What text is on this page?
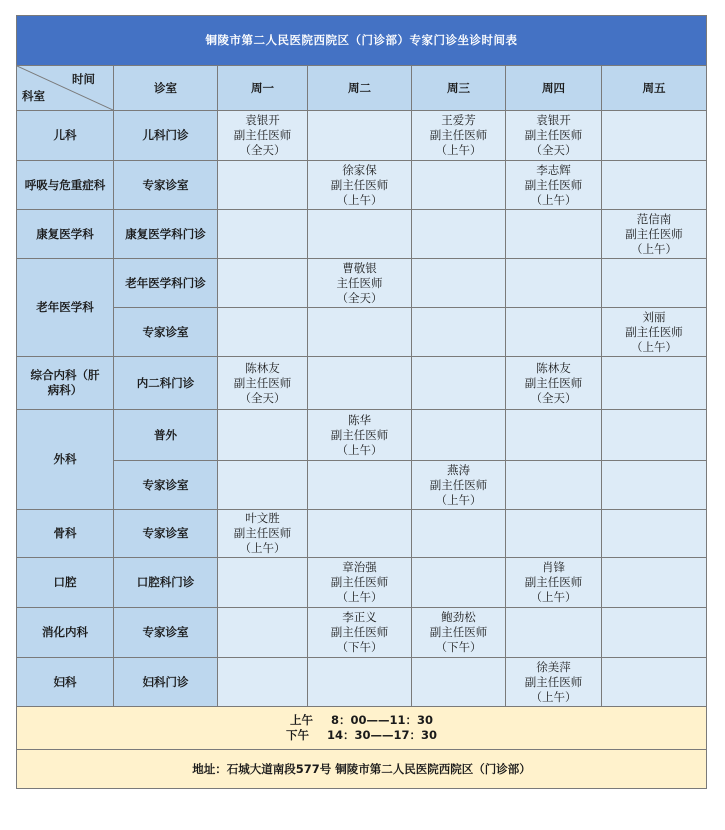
铜陵市第二人民医院西院区（门诊部）专家门诊坐诊时间表						

时间
科室	诊室	周一	周二	周三	周四	周五
儿科	儿科门诊	袁银开
副主任医师
（全天）		王爱芳
副主任医师
（上午）	袁银开
副主任医师
（全天）	

呼吸与危重症科	专家诊室		徐家保
副主任医师
（上午）		李志辉
副主任医师
（上午）	

康复医学科	康复医学科门诊					范信南
副主任医师
（上午）

老年医学科	老年医学科门诊		曹敬银
主任医师
（全天）			

	专家诊室					刘丽
副主任医师
（上午）

综合内科（肝病科）	内二科门诊	陈林友
副主任医师
（全天）			陈林友
副主任医师
（全天）	

外科	普外		陈华
副主任医师
（上午）			

	专家诊室			燕涛
副主任医师
（上午）		

骨科	专家诊室	叶文胜
副主任医师
（上午）				

口腔	口腔科门诊		章治强
副主任医师
（上午）		肖锋
副主任医师
（上午）	

消化内科	专家诊室		李正义
副主任医师
（下午）	鲍劲松
副主任医师
（下午）		

妇科	妇科门诊				徐美萍
副主任医师
（上午）	

上午 8：00——11：30
下午 14：30——17：30						

地址：石城大道南段577号 铜陵市第二人民医院西院区（门诊部）						
